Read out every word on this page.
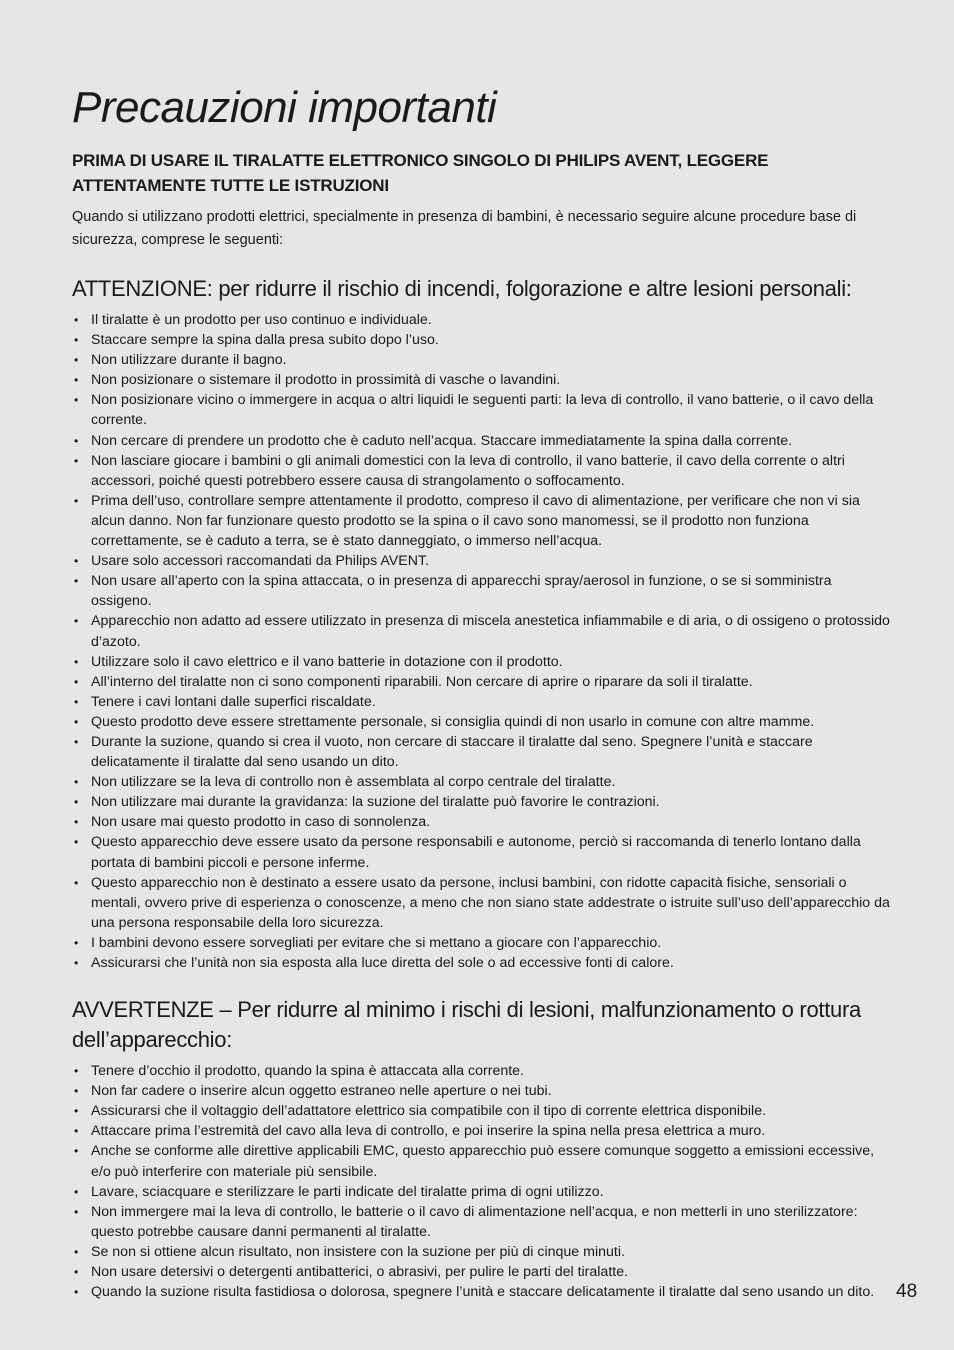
Precauzioni importanti

PRIMA DI USARE IL TIRALATTE ELETTRONICO SINGOLO DI PHILIPS AVENT, LEGGERE ATTENTAMENTE TUTTE LE ISTRUZIONI

Quando si utilizzano prodotti elettrici, specialmente in presenza di bambini, è necessario seguire alcune procedure base di sicurezza, comprese le seguenti:

ATTENZIONE: per ridurre il rischio di incendi, folgorazione e altre lesioni personali:
• Il tiralatte è un prodotto per uso continuo e individuale.
• Staccare sempre la spina dalla presa subito dopo l’uso.
• Non utilizzare durante il bagno.
• Non posizionare o sistemare il prodotto in prossimità di vasche o lavandini.
• Non posizionare vicino o immergere in acqua o altri liquidi le seguenti parti: la leva di controllo, il vano batterie, o il cavo della corrente.
• Non cercare di prendere un prodotto che è caduto nell’acqua. Staccare immediatamente la spina dalla corrente.
• Non lasciare giocare i bambini o gli animali domestici con la leva di controllo, il vano batterie, il cavo della corrente o altri accessori, poiché questi potrebbero essere causa di strangolamento o soffocamento.
• Prima dell’uso, controllare sempre attentamente il prodotto, compreso il cavo di alimentazione, per verificare che non vi sia alcun danno. Non far funzionare questo prodotto se la spina o il cavo sono manomessi, se il prodotto non funziona correttamente, se è caduto a terra, se è stato danneggiato, o immerso nell’acqua.
• Usare solo accessori raccomandati da Philips AVENT.
• Non usare all’aperto con la spina attaccata, o in presenza di apparecchi spray/aerosol in funzione, o se si somministra ossigeno.
• Apparecchio non adatto ad essere utilizzato in presenza di miscela anestetica infiammabile e di aria, o di ossigeno o protossido d’azoto.
• Utilizzare solo il cavo elettrico e il vano batterie in dotazione con il prodotto.
• All’interno del tiralatte non ci sono componenti riparabili. Non cercare di aprire o riparare da soli il tiralatte.
• Tenere i cavi lontani dalle superfici riscaldate.
• Questo prodotto deve essere strettamente personale, si consiglia quindi di non usarlo in comune con altre mamme.
• Durante la suzione, quando si crea il vuoto, non cercare di staccare il tiralatte dal seno. Spegnere l’unità e staccare delicatamente il tiralatte dal seno usando un dito.
• Non utilizzare se la leva di controllo non è assemblata al corpo centrale del tiralatte.
• Non utilizzare mai durante la gravidanza: la suzione del tiralatte può favorire le contrazioni.
• Non usare mai questo prodotto in caso di sonnolenza.
• Questo apparecchio deve essere usato da persone responsabili e autonome, perciò si raccomanda di tenerlo lontano dalla portata di bambini piccoli e persone inferme.
• Questo apparecchio non è destinato a essere usato da persone, inclusi bambini, con ridotte capacità fisiche, sensoriali o mentali, ovvero prive di esperienza o conoscenze, a meno che non siano state addestrate o istruite sull’uso dell’apparecchio da una persona responsabile della loro sicurezza.
• I bambini devono essere sorvegliati per evitare che si mettano a giocare con l’apparecchio.
• Assicurarsi che l’unità non sia esposta alla luce diretta del sole o ad eccessive fonti di calore.
AVVERTENZE – Per ridurre al minimo i rischi di lesioni, malfunzionamento o rottura dell’apparecchio:
• Tenere d’occhio il prodotto, quando la spina è attaccata alla corrente.
• Non far cadere o inserire alcun oggetto estraneo nelle aperture o nei tubi.
• Assicurarsi che il voltaggio dell’adattatore elettrico sia compatibile con il tipo di corrente elettrica disponibile.
• Attaccare prima l’estremità del cavo alla leva di controllo, e poi inserire la spina nella presa elettrica a muro.
• Anche se conforme alle direttive applicabili EMC, questo apparecchio può essere comunque soggetto a emissioni eccessive, e/o può interferire con materiale più sensibile.
• Lavare, sciacquare e sterilizzare le parti indicate del tiralatte prima di ogni utilizzo.
• Non immergere mai la leva di controllo, le batterie o il cavo di alimentazione nell’acqua, e non metterli in uno sterilizzatore: questo potrebbe causare danni permanenti al tiralatte.
• Se non si ottiene alcun risultato, non insistere con la suzione per più di cinque minuti.
• Non usare detersivi o detergenti antibatterici, o abrasivi, per pulire le parti del tiralatte.
• Quando la suzione risulta fastidiosa o dolorosa, spegnere l’unità e staccare delicatamente il tiralatte dal seno usando un dito.	48
